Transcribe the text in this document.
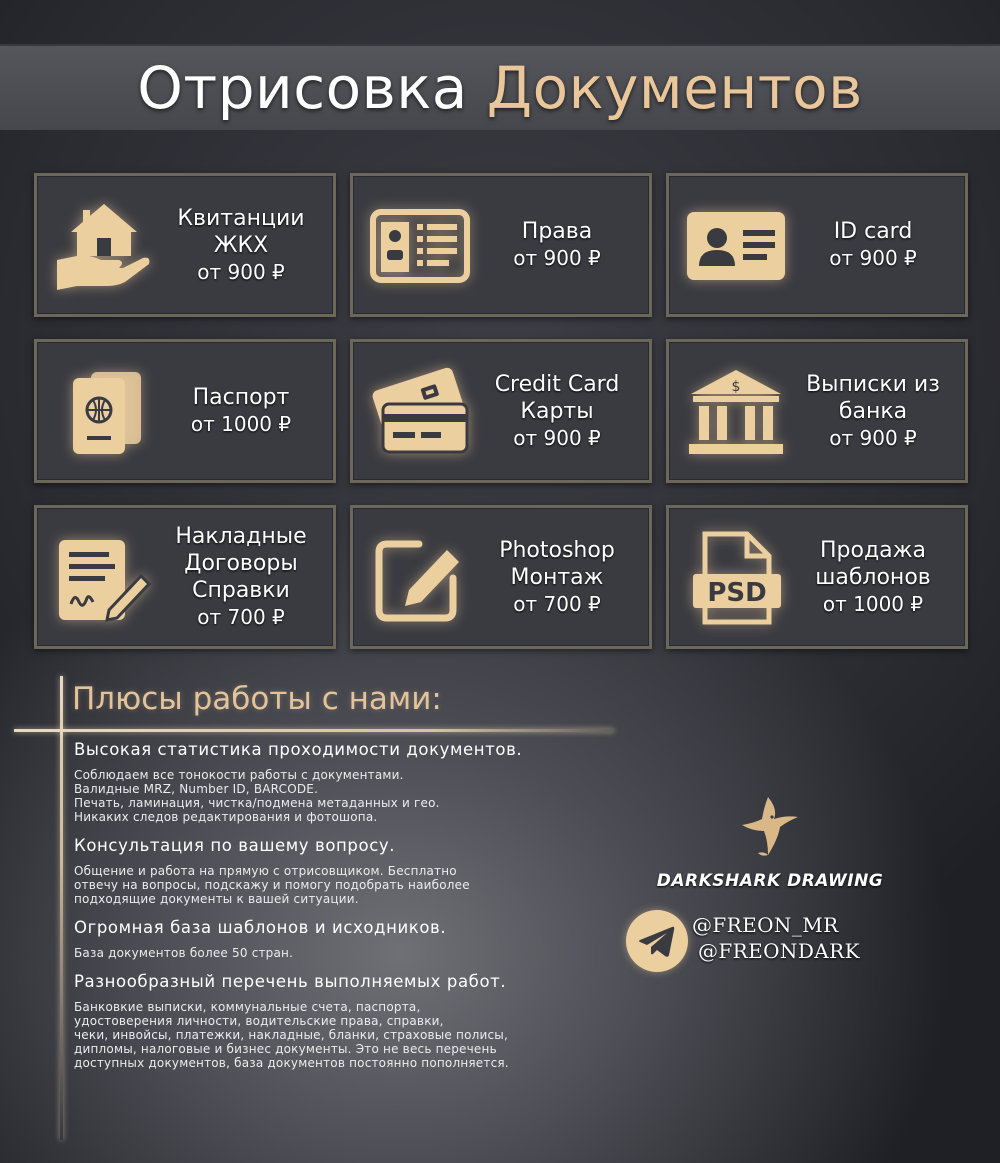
Отрисовка Документов
Квитанции
ЖКХ
от 900 ₽
Права
от 900 ₽
ID card
от 900 ₽
Паспорт
от 1000 ₽
Credit Card
Карты
от 900 ₽
$	Выписки из
банка
от 900 ₽
Накладные
Договоры
Справки
от 700 ₽
Photoshop
Монтаж
от 700 ₽	PSD
Продажа
шаблонов
от 1000 ₽
Плюсы работы с нами:
Высокая статистика проходимости документов.
Соблюдаем все тонокости работы с документами.
Валидные MRZ, Number ID, BARCODE.
Печать, ламинация, чистка/подмена метаданных и гео.
Никаких следов редактирования и фотошопа.
Консультация по вашему вопросу.
Общение и работа на прямую с отрисовщиком. Бесплатно
отвечу на вопросы, подскажу и помогу подобрать наиболее
подходящие документы к вашей ситуации.
Огромная база шаблонов и исходников.
База документов более 50 стран.
Разнообразный перечень выполняемых работ.
Банковкие выписки, коммунальные счета, паспорта,
удостоверения личности, водительские права, справки,
чеки, инвойсы, платежки, накладные, бланки, страховые полисы,
дипломы, налоговые и бизнес документы. Это не весь перечень
доступных документов, база документов постоянно пополняется.
DARKSHARK DRAWING
@FREON_MR
@FREONDARK
